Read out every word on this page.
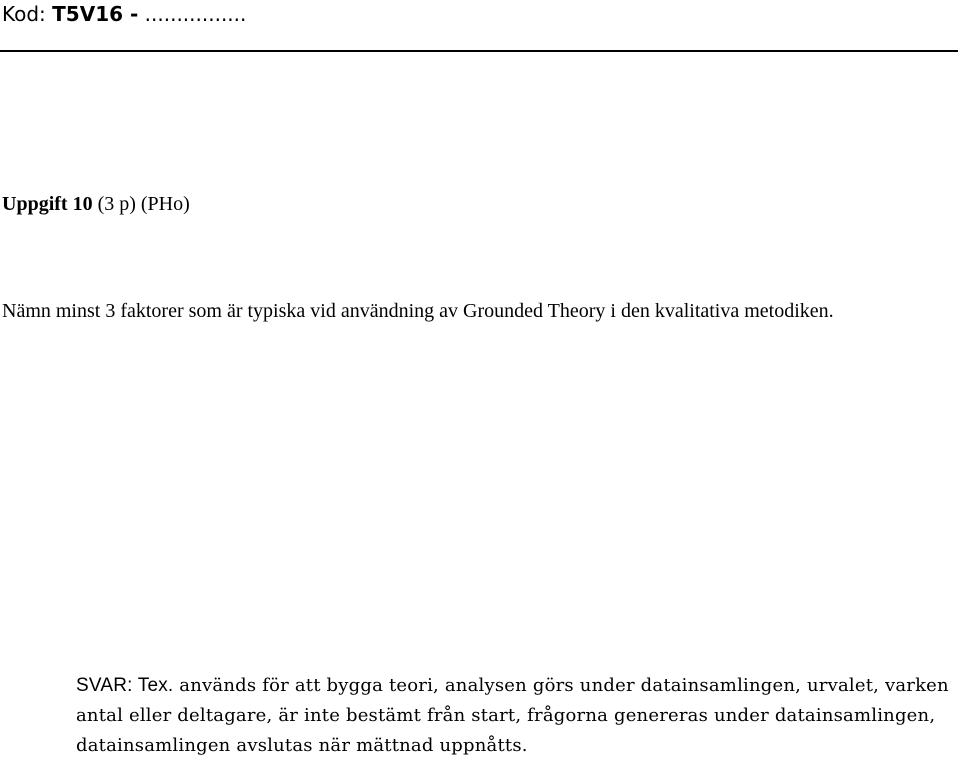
Kod: T5V16 - ................
Uppgift 10 (3 p) (PHo)
Nämn minst 3 faktorer som är typiska vid användning av Grounded Theory i den kvalitativa metodiken.
SVAR: Tex. används för att bygga teori, analysen görs under datainsamlingen, urvalet, varken antal eller deltagare, är inte bestämt från start, frågorna genereras under datainsamlingen, datainsamlingen avslutas när mättnad uppnåtts.
